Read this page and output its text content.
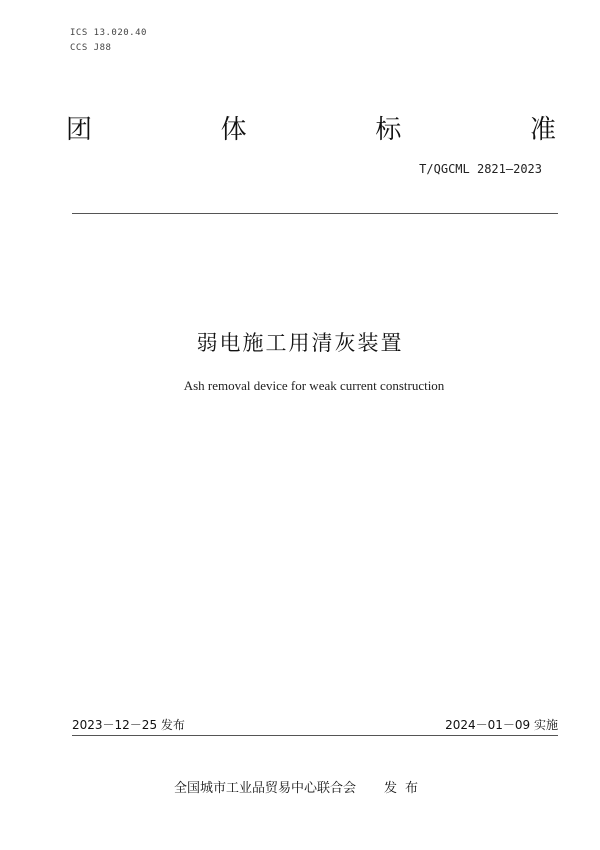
ICS 13.020.40
CCS J88
团	体	标	准
T/QGCML 2821—2023
弱电施工用清灰装置
Ash removal device for weak current construction
2023－12－25 发布	2024－01－09 实施
全国城市工业品贸易中心联合会 发布
